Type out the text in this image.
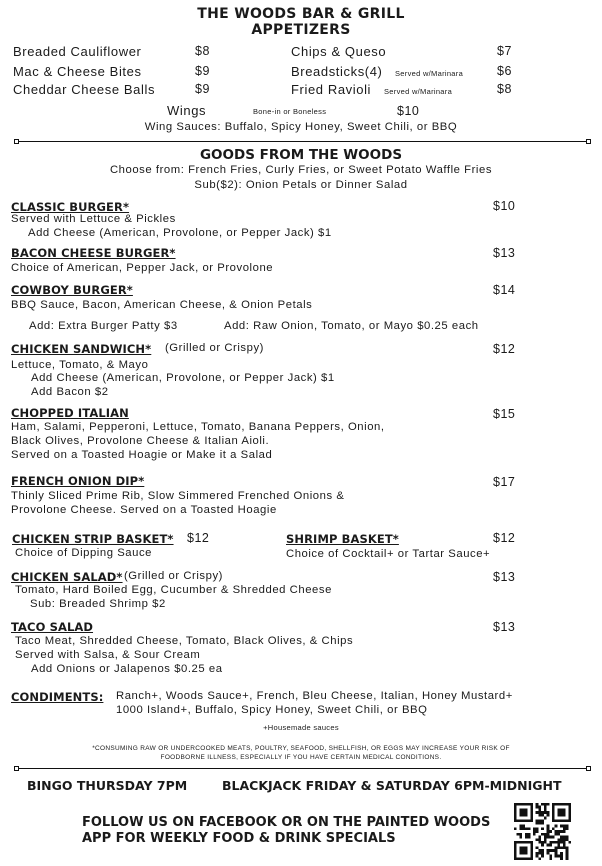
THE WOODS BAR & GRILL
APPETIZERS
Breaded Cauliflower	$8
Mac & Cheese Bites	$9
Cheddar Cheese Balls	$9
Chips & Queso	$7
Breadsticks(4) Served w/Marinara	$6
Fried Ravioli Served w/Marinara	$8
Wings	Bone-in or Boneless	$10
Wing Sauces: Buffalo, Spicy Honey, Sweet Chili, or BBQ
GOODS FROM THE WOODS
Choose from: French Fries, Curly Fries, or Sweet Potato Waffle Fries
Sub($2): Onion Petals or Dinner Salad
CLASSIC BURGER*	$10
Served with Lettuce & Pickles
Add Cheese (American, Provolone, or Pepper Jack) $1
BACON CHEESE BURGER*	$13
Choice of American, Pepper Jack, or Provolone
COWBOY BURGER*	$14
BBQ Sauce, Bacon, American Cheese, & Onion Petals
Add: Extra Burger Patty $3	Add: Raw Onion, Tomato, or Mayo $0.25 each
CHICKEN SANDWICH* (Grilled or Crispy)	$12
Lettuce, Tomato, & Mayo
Add Cheese (American, Provolone, or Pepper Jack) $1
Add Bacon $2
CHOPPED ITALIAN	$15
Ham, Salami, Pepperoni, Lettuce, Tomato, Banana Peppers, Onion,
Black Olives, Provolone Cheese & Italian Aioli.
Served on a Toasted Hoagie or Make it a Salad
FRENCH ONION DIP*	$17
Thinly Sliced Prime Rib, Slow Simmered Frenched Onions &
Provolone Cheese. Served on a Toasted Hoagie
CHICKEN STRIP BASKET* $12
Choice of Dipping Sauce
SHRIMP BASKET*	$12
Choice of Cocktail+ or Tartar Sauce+
CHICKEN SALAD* (Grilled or Crispy)	$13
Tomato, Hard Boiled Egg, Cucumber & Shredded Cheese
Sub: Breaded Shrimp $2
TACO SALAD	$13
Taco Meat, Shredded Cheese, Tomato, Black Olives, & Chips
Served with Salsa, & Sour Cream
Add Onions or Jalapenos $0.25 ea
CONDIMENTS: Ranch+, Woods Sauce+, French, Bleu Cheese, Italian, Honey Mustard+
1000 Island+, Buffalo, Spicy Honey, Sweet Chili, or BBQ
+Housemade sauces
*CONSUMING RAW OR UNDERCOOKED MEATS, POULTRY, SEAFOOD, SHELLFISH, OR EGGS MAY INCREASE YOUR RISK OF
FOODBORNE ILLNESS, ESPECIALLY IF YOU HAVE CERTAIN MEDICAL CONDITIONS.
BINGO THURSDAY 7PM	BLACKJACK FRIDAY & SATURDAY 6PM-MIDNIGHT
FOLLOW US ON FACEBOOK OR ON THE PAINTED WOODS
APP FOR WEEKLY FOOD & DRINK SPECIALS
